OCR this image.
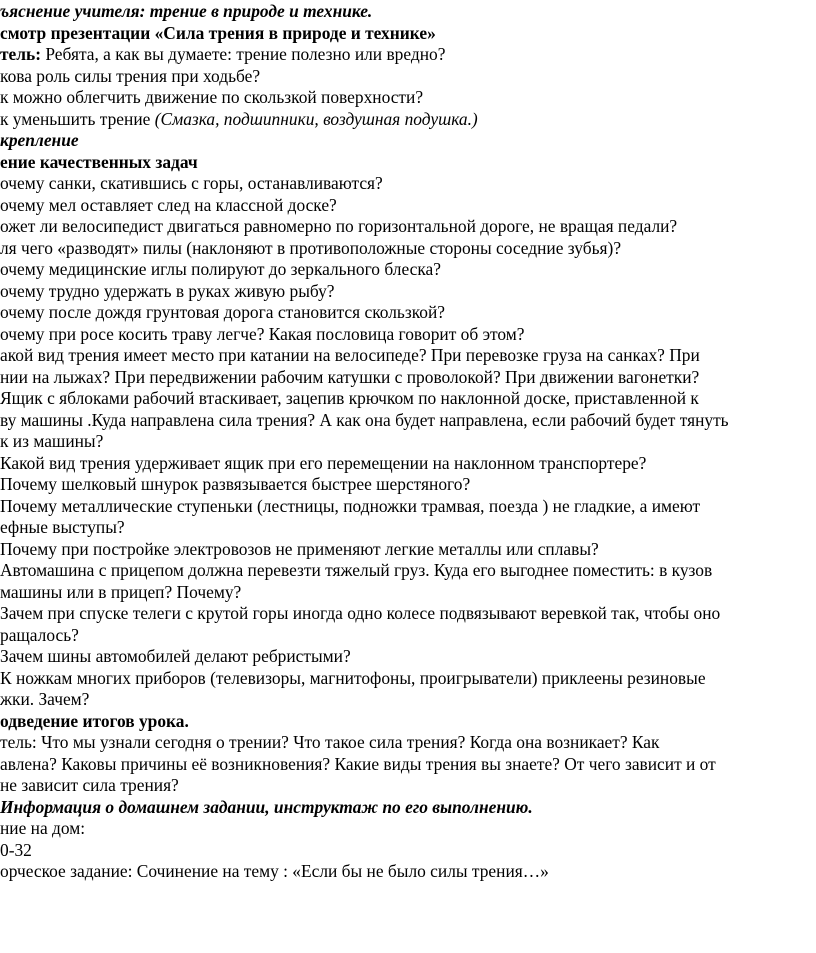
ъяснение учителя: трение в природе и технике.
смотр презентации «Сила трения в природе и технике»
тель: Ребята, а как вы думаете: трение полезно или вредно?
кова роль силы трения при ходьбе?
к можно облегчить движение по скользкой поверхности?
к уменьшить трение (Смазка, подшипники, воздушная подушка.)
крепление
ение качественных задач
очему санки, скатившись с горы, останавливаются?
очему мел оставляет след на классной доске?
ожет ли велосипедист двигаться равномерно по горизонтальной дороге, не вращая педали?
ля чего «разводят» пилы (наклоняют в противоположные стороны соседние зубья)?
очему медицинские иглы полируют до зеркального блеска?
очему трудно удержать в руках живую рыбу?
очему после дождя грунтовая дорога становится скользкой?
очему при росе косить траву легче? Какая пословица говорит об этом?
акой вид трения имеет место при катании на велосипеде? При перевозке груза на санках? При
нии на лыжах? При передвижении рабочим катушки с проволокой? При движении вагонетки?
Ящик с яблоками рабочий втаскивает, зацепив крючком по наклонной доске, приставленной к
ву машины .Куда направлена сила трения? А как она будет направлена, если рабочий будет тянуть
к из машины?
Какой вид трения удерживает ящик при его перемещении на наклонном транспортере?
Почему шелковый шнурок развязывается быстрее шерстяного?
Почему металлические ступеньки (лестницы, подножки трамвая, поезда ) не гладкие, а имеют
ефные выступы?
Почему при постройке электровозов не применяют легкие металлы или сплавы?
Автомашина с прицепом должна перевезти тяжелый груз. Куда его выгоднее поместить: в кузов
машины или в прицеп? Почему?
Зачем при спуске телеги с крутой горы иногда одно колесе подвязывают веревкой так, чтобы оно
ращалось?
Зачем шины автомобилей делают ребристыми?
К ножкам многих приборов (телевизоры, магнитофоны, проигрыватели) приклеены резиновые
жки. Зачем?
одведение итогов урока.
тель: Что мы узнали сегодня о трении? Что такое сила трения? Когда она возникает? Как
авлена? Каковы причины её возникновения? Какие виды трения вы знаете? От чего зависит и от
не зависит сила трения?
Информация о домашнем задании, инструктаж по его выполнению.
ние на дом:
0-32
орческое задание: Сочинение на тему : «Если бы не было силы трения…»
